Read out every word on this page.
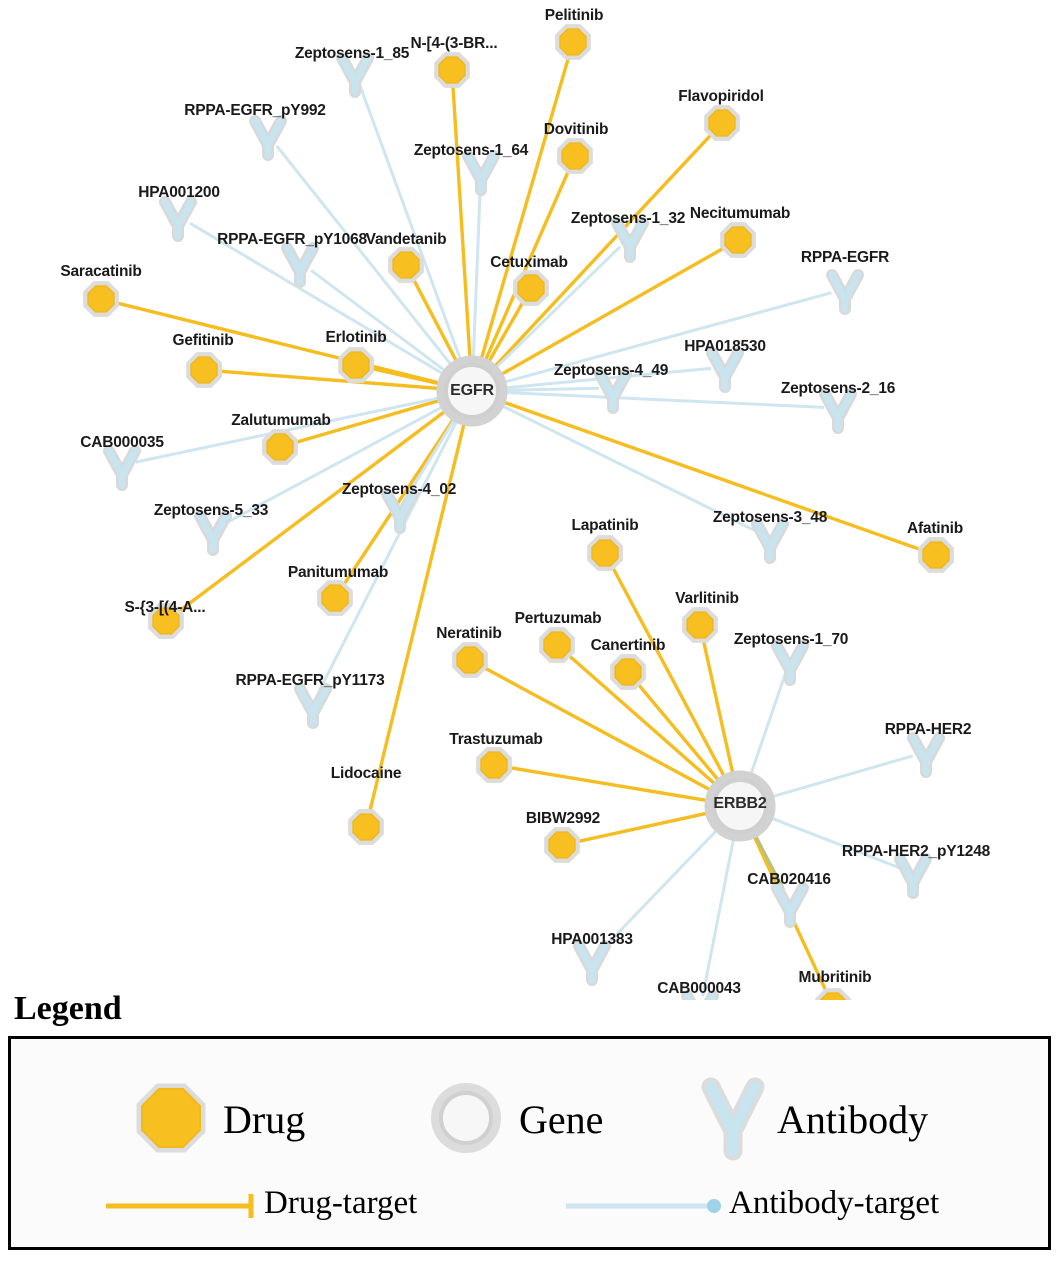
Pelitinib
N-[4-(3-BR...
Flavopiridol
Dovitinib
Necitumumab
Vandetanib
Cetuximab
Saracatinib
Gefitinib	Erlotinib
Zalutumumab
Afatinib
Lapatinib
Panitumumab
Varlitinib
S-{3-[(4-A...
Pertuzumab
Neratinib
Canertinib
Trastuzumab
Lidocaine
BIBW2992
Mubritinib
Zeptosens-1_85
RPPA-EGFR_pY992
Zeptosens-1_64
HPA001200
Zeptosens-1_32
RPPA-EGFR_pY1068
RPPA-EGFR
HPA018530
Zeptosens-4_49
Zeptosens-2_16
CAB000035
Zeptosens-4_02
Zeptosens-5_33	Zeptosens-3_48
Zeptosens-1_70
RPPA-EGFR_pY1173
RPPA-HER2
RPPA-HER2_pY1248
CAB020416
HPA001383
CAB000043
EGFR
ERBB2
Legend
Drug	Gene	Antibody
Drug-target	Antibody-target
